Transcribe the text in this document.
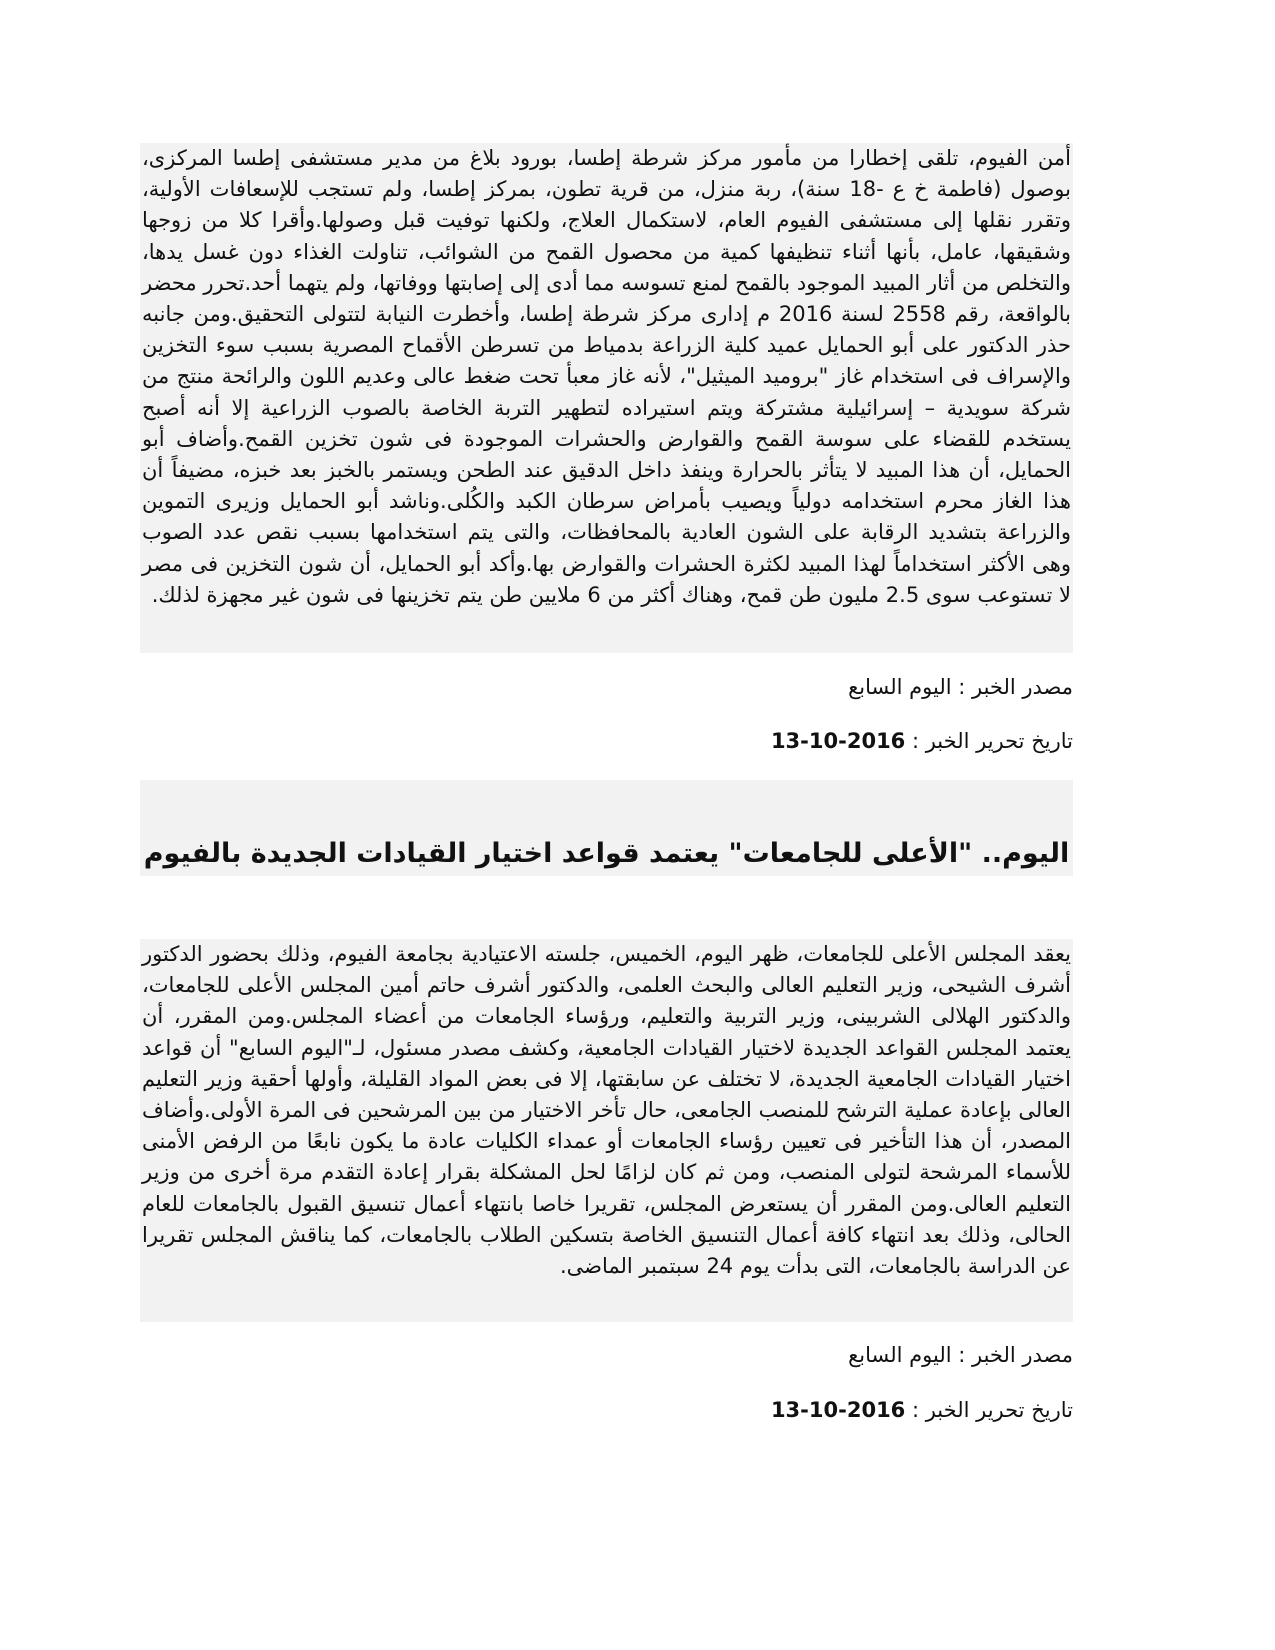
أمن الفيوم، تلقى إخطارا من مأمور مركز شرطة إطسا، بورود بلاغ من مدير مستشفى إطسا المركزى، بوصول (فاطمة خ ع -18 سنة)، ربة منزل، من قرية تطون، بمركز إطسا، ولم تستجب للإسعافات الأولية، وتقرر نقلها إلى مستشفى الفيوم العام، لاستكمال العلاج، ولكنها توفيت قبل وصولها.وأقرا كلا من زوجها وشقيقها، عامل، بأنها أثناء تنظيفها كمية من محصول القمح من الشوائب، تناولت الغذاء دون غسل يدها، والتخلص من أثار المبيد الموجود بالقمح لمنع تسوسه مما أدى إلى إصابتها ووفاتها، ولم يتهما أحد.تحرر محضر بالواقعة، رقم 2558 لسنة 2016 م إدارى مركز شرطة إطسا، وأخطرت النيابة لتتولى التحقيق.ومن جانبه حذر الدكتور على أبو الحمايل عميد كلية الزراعة بدمياط من تسرطن الأقماح المصرية بسبب سوء التخزين والإسراف فى استخدام غاز "بروميد الميثيل"، لأنه غاز معبأ تحت ضغط عالى وعديم اللون والرائحة منتج من شركة سويدية – إسرائيلية مشتركة ويتم استيراده لتطهير التربة الخاصة بالصوب الزراعية إلا أنه أصبح يستخدم للقضاء على سوسة القمح والقوارض والحشرات الموجودة فى شون تخزين القمح.وأضاف أبو الحمايل، أن هذا المبيد لا يتأثر بالحرارة وينفذ داخل الدقيق عند الطحن ويستمر بالخبز بعد خبزه، مضيفاً أن هذا الغاز محرم استخدامه دولياً ويصيب بأمراض سرطان الكبد والكُلى.وناشد أبو الحمايل وزيرى التموين والزراعة بتشديد الرقابة على الشون العادية بالمحافظات، والتى يتم استخدامها بسبب نقص عدد الصوب وهى الأكثر استخداماً لهذا المبيد لكثرة الحشرات والقوارض بها.وأكد أبو الحمايل، أن شون التخزين فى مصر لا تستوعب سوى 2.5 مليون طن قمح، وهناك أكثر من 6 ملايين طن يتم تخزينها فى شون غير مجهزة لذلك.

مصدر الخبر : اليوم السابع

تاريخ تحرير الخبر : 2016-10-13

اليوم.. "الأعلى للجامعات" يعتمد قواعد اختيار القيادات الجديدة بالفيوم

يعقد المجلس الأعلى للجامعات، ظهر اليوم، الخميس، جلسته الاعتيادية بجامعة الفيوم، وذلك بحضور الدكتور أشرف الشيحى، وزير التعليم العالى والبحث العلمى، والدكتور أشرف حاتم أمين المجلس الأعلى للجامعات، والدكتور الهلالى الشربينى، وزير التربية والتعليم، ورؤساء الجامعات من أعضاء المجلس.ومن المقرر، أن يعتمد المجلس القواعد الجديدة لاختيار القيادات الجامعية، وكشف مصدر مسئول، لـ"اليوم السابع" أن قواعد اختيار القيادات الجامعية الجديدة، لا تختلف عن سابقتها، إلا فى بعض المواد القليلة، وأولها أحقية وزير التعليم العالى بإعادة عملية الترشح للمنصب الجامعى، حال تأخر الاختيار من بين المرشحين فى المرة الأولى.وأضاف المصدر، أن هذا التأخير فى تعيين رؤساء الجامعات أو عمداء الكليات عادة ما يكون نابعًا من الرفض الأمنى للأسماء المرشحة لتولى المنصب، ومن ثم كان لزامًا لحل المشكلة بقرار إعادة التقدم مرة أخرى من وزير التعليم العالى.ومن المقرر أن يستعرض المجلس، تقريرا خاصا بانتهاء أعمال تنسيق القبول بالجامعات للعام الحالى، وذلك بعد انتهاء كافة أعمال التنسيق الخاصة بتسكين الطلاب بالجامعات، كما يناقش المجلس تقريرا عن الدراسة بالجامعات، التى بدأت يوم 24 سبتمبر الماضى.

مصدر الخبر : اليوم السابع

تاريخ تحرير الخبر : 2016-10-13
